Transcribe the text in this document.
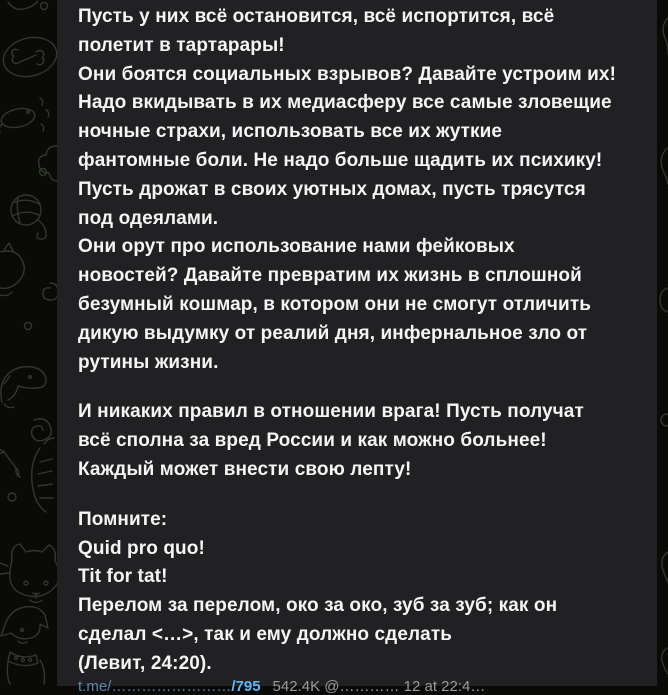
Пусть у них всё остановится, всё испортится, всё
полетит в тартарары!
Они боятся социальных взрывов? Давайте устроим их!
Надо вкидывать в их медиасферу все самые зловещие
ночные страхи, использовать все их жуткие
фантомные боли. Не надо больше щадить их психику!
Пусть дрожат в своих уютных домах, пусть трясутся
под одеялами.
Они орут про использование нами фейковых
новостей? Давайте превратим их жизнь в сплошной
безумный кошмар, в котором они не смогут отличить
дикую выдумку от реалий дня, инфернальное зло от
рутины жизни.

И никаких правил в отношении врага! Пусть получат
всё сполна за вред России и как можно больнее!
Каждый может внести свою лепту!

Помните:
Quid pro quo!
Tit for tat!
Перелом за перелом, око за око, зуб за зуб; как он
сделал <…>, так и ему должно сделать
(Левит, 24:20).
t.me/……………………/795 542.4K @………… 12 at 22:4…
